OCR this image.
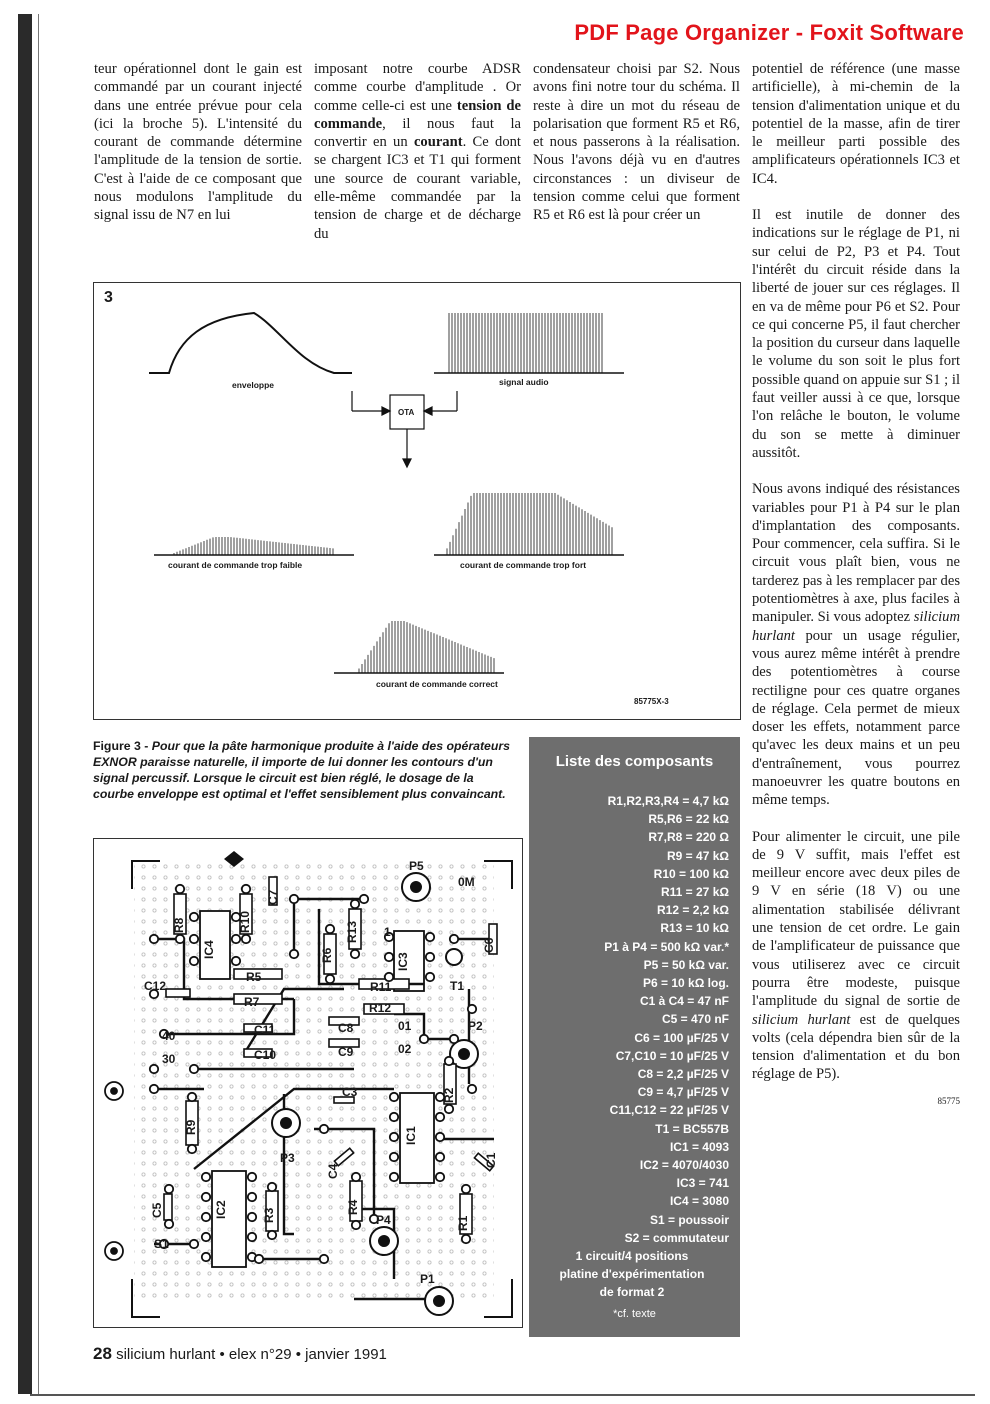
PDF Page Organizer - Foxit Software

teur opérationnel dont le gain est commandé par un courant injecté dans une entrée prévue pour cela (ici la broche 5). L'intensité du courant de commande détermine l'amplitude de la tension de sortie. C'est à l'aide de ce composant que nous modulons l'amplitude du signal issu de N7 en lui

imposant notre courbe ADSR comme courbe d'amplitude . Or comme celle-ci est une tension de commande, il nous faut la convertir en un courant. Ce dont se chargent IC3 et T1 qui forment une source de courant variable, elle-même commandée par la tension de charge et de décharge du

condensateur choisi par S2. Nous avons fini notre tour du schéma. Il reste à dire un mot du réseau de polarisation que forment R5 et R6, et nous passerons à la réalisation. Nous l'avons déjà vu en d'autres circonstances : un diviseur de tension comme celui que forment R5 et R6 est là pour créer un

potentiel de référence (une masse artificielle), à mi-chemin de la tension d'alimentation unique et du potentiel de la masse, afin de tirer le meilleur parti possible des amplificateurs opérationnels IC3 et IC4.

Il est inutile de donner des indications sur le réglage de P1, ni sur celui de P2, P3 et P4. Tout l'intérêt du circuit réside dans la liberté de jouer sur ces réglages. Il en va de même pour P6 et S2. Pour ce qui concerne P5, il faut chercher la position du curseur dans laquelle le volume du son soit le plus fort possible quand on appuie sur S1 ; il faut veiller aussi à ce que, lorsque l'on relâche le bouton, le volume du son se mette à diminuer aussitôt.

Nous avons indiqué des résistances variables pour P1 à P4 sur le plan d'implantation des composants. Pour commencer, cela suffira. Si le circuit vous plaît bien, vous ne tarderez pas à les remplacer par des potentiomètres à axe, plus faciles à manipuler. Si vous adoptez silicium hurlant pour un usage régulier, vous aurez même intérêt à prendre des potentiomètres à course rectiligne pour ces quatre organes de réglage. Cela permet de mieux doser les effets, notamment parce qu'avec les deux mains et un peu d'entraînement, vous pourrez manoeuvrer les quatre boutons en même temps.

Pour alimenter le circuit, une pile de 9 V suffit, mais l'effet est meilleur encore avec deux piles de 9 V en série (18 V) ou une alimentation stabilisée délivrant une tension de cet ordre. Le gain de l'amplificateur de puissance que vous utiliserez avec ce circuit pourra être modeste, puisque l'amplitude du signal de sortie de silicium hurlant est de quelques volts (cela dépendra bien sûr de la tension d'alimentation et du bon réglage de P5).

85775
3
enveloppe	signal audio
OTA
courant de commande trop faible	courant de commande trop fort
courant de commande correct
85775X-3
Figure 3 - Pour que la pâte harmonique produite à l'aide des opérateurs EXNOR paraisse naturelle, il importe de lui donner les contours d'un signal percussif. Lorsque le circuit est bien réglé, le dosage de la courbe enveloppe est optimal et l'effet sensiblement plus convaincant.
R8	R10
C7
IC4	R6
R13
P5
IC3
C6
T1
C12
R5
R7	R12
R11
C8
C11
C10	C9
P2
C3	R2
R9	IC1
C4
P3
R3
IC2
C5	R4
C1
P4	R1
S1
P1
0M
40
30
01
02
1
Liste des composants
R1,R2,R3,R4 = 4,7 kΩ
R5,R6 = 22 kΩ
R7,R8 = 220 Ω
R9 = 47 kΩ
R10 = 100 kΩ
R11 = 27 kΩ
R12 = 2,2 kΩ
R13 = 10 kΩ
P1 à P4 = 500 kΩ var.*
P5 = 50 kΩ var.
P6 = 10 kΩ log.
C1 à C4 = 47 nF
C5 = 470 nF
C6 = 100 µF/25 V
C7,C10 = 10 µF/25 V
C8 = 2,2 µF/25 V
C9 = 4,7 µF/25 V
C11,C12 = 22 µF/25 V
T1 = BC557B
IC1 = 4093
IC2 = 4070/4030
IC3 = 741
IC4 = 3080
S1 = poussoir
S2 = commutateur
1 circuit/4 positions
platine d'expérimentation
de format 2
*cf. texte
28 silicium hurlant • elex n°29 • janvier 1991
